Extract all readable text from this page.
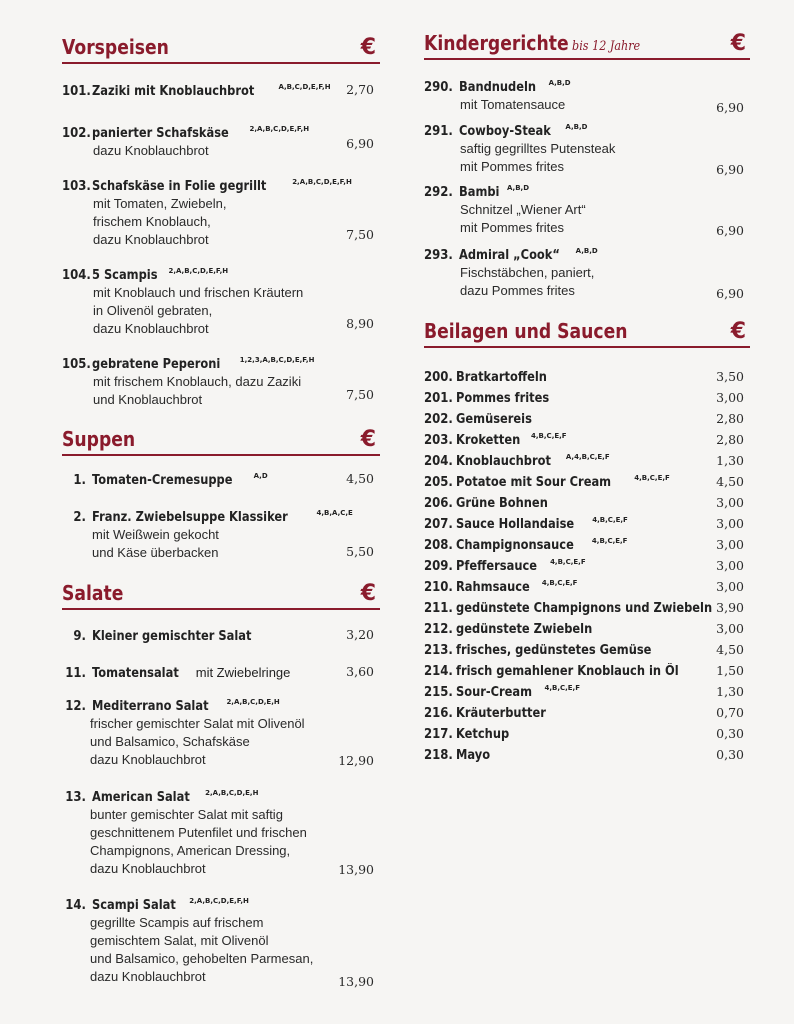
Vorspeisen	€
101.Zaziki mit Knoblauchbrot	$^{A,B,C,D,E,F,H}$ 2,70
102.panierter Schafskäse	$^{2,A,B,C,D,E,F,H}$
dazu Knoblauchbrot	6,90
103.Schafskäse in Folie gegrillt	$^{2,A,B,C,D,E,F,H}$
mit Tomaten, Zwiebeln,
frischem Knoblauch,
dazu Knoblauchbrot	7,50
104.5 Scampis $^{2,A,B,C,D,E,F,H}$
mit Knoblauch und frischen Kräutern
in Olivenöl gebraten,
dazu Knoblauchbrot	8,90
105.gebratene Peperoni	$^{1,2,3,A,B,C,D,E,F,H}$
mit frischem Knoblauch, dazu Zaziki
und Knoblauchbrot	7,50
Suppen	€
1. Tomaten-Cremesuppe	$^{A,D}$	4,50
2. Franz. Zwiebelsuppe Klassiker	$^{4,B,A,C,E}$
mit Weißwein gekocht
und Käse überbacken	5,50
Salate	€
9. Kleiner gemischter Salat	3,20
11. Tomatensalat mit Zwiebelringe	3,60
12. Mediterrano Salat	$^{2,A,B,C,D,E,H}$
frischer gemischter Salat mit Olivenöl
und Balsamico, Schafskäse
dazu Knoblauchbrot	12,90
13. American Salat $^{2,A,B,C,D,E,H}$
bunter gemischter Salat mit saftig
geschnittenem Putenfilet und frischen
Champignons, American Dressing,
dazu Knoblauchbrot	13,90
14. Scampi Salat $^{2,A,B,C,D,E,F,H}$
gegrillte Scampis auf frischem
gemischtem Salat, mit Olivenöl
und Balsamico, gehobelten Parmesan,
dazu Knoblauchbrot	13,90
Kindergerichte bis 12 Jahre	€
290. Bandnudeln $^{A,B,D}$
mit Tomatensauce	6,90
291. Cowboy-Steak $^{A,B,D}$
saftig gegrilltes Putensteak
mit Pommes frites	6,90
292. Bambi $^{A,B,D}$
Schnitzel „Wiener Art“
mit Pommes frites	6,90
293. Admiral „Cook“ $^{A,B,D}$
Fischstäbchen, paniert,
dazu Pommes frites	6,90
Beilagen und Saucen	€
200. Bratkartoffeln	3,50
201. Pommes frites	3,00
202. Gemüsereis	2,80
203. Kroketten $^{4,B,C,E,F}$	2,80
204. Knoblauchbrot $^{A,4,B,C,E,F}$	1,30
205. Potatoe mit Sour Cream	$^{4,B,C,E,F}$	4,50
206. Grüne Bohnen	3,00
207. Sauce Hollandaise	$^{4,B,C,E,F}$	3,00
208. Champignonsauce	$^{4,B,C,E,F}$	3,00
209. Pfeffersauce $^{4,B,C,E,F}$	3,00
210. Rahmsauce $^{4,B,C,E,F}$	3,00
211. gedünstete Champignons und Zwiebeln 3,90
212. gedünstete Zwiebeln	3,00
213. frisches, gedünstetes Gemüse	4,50
214. frisch gemahlener Knoblauch in Öl	1,50
215. Sour-Cream $^{4,B,C,E,F}$	1,30
216. Kräuterbutter	0,70
217. Ketchup	0,30
218. Mayo	0,30
